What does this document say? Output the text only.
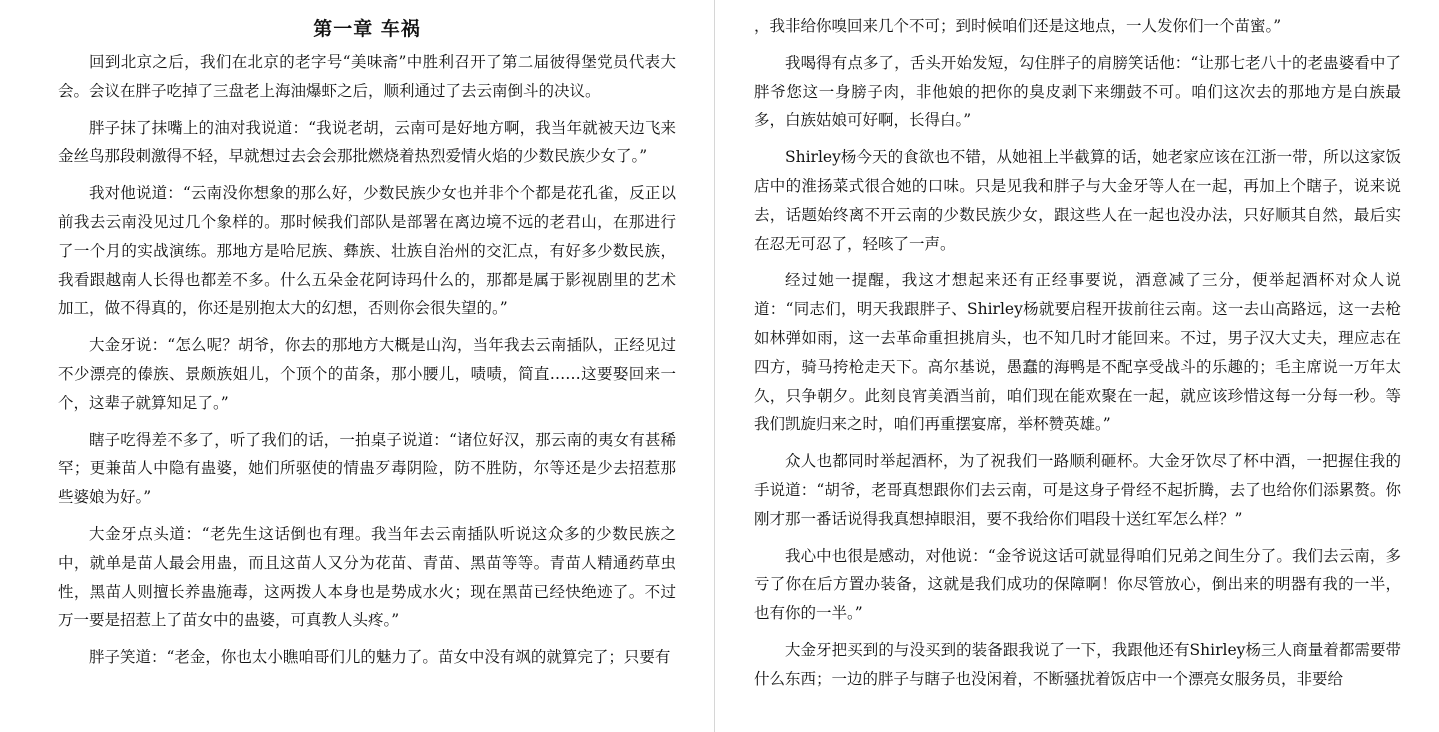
第一章 车祸

回到北京之后，我们在北京的老字号“美味斋”中胜利召开了第二届彼得堡党员代表大会。会议在胖子吃掉了三盘老上海油爆虾之后，顺利通过了去云南倒斗的决议。

胖子抹了抹嘴上的油对我说道：“我说老胡，云南可是好地方啊，我当年就被天边飞来金丝鸟那段刺激得不轻，早就想过去会会那批燃烧着热烈爱情火焰的少数民族少女了。”

我对他说道：“云南没你想象的那么好，少数民族少女也并非个个都是花孔雀，反正以前我去云南没见过几个象样的。那时候我们部队是部署在离边境不远的老君山，在那进行了一个月的实战演练。那地方是哈尼族、彝族、壮族自治州的交汇点，有好多少数民族，我看跟越南人长得也都差不多。什么五朵金花阿诗玛什么的，那都是属于影视剧里的艺术加工，做不得真的，你还是别抱太大的幻想，否则你会很失望的。”

大金牙说：“怎么呢？胡爷，你去的那地方大概是山沟，当年我去云南插队，正经见过不少漂亮的傣族、景颇族姐儿，个顶个的苗条，那小腰儿，啧啧，简直……这要娶回来一个，这辈子就算知足了。”

瞎子吃得差不多了，听了我们的话，一拍桌子说道：“诸位好汉，那云南的夷女有甚稀罕；更兼苗人中隐有蛊婆，她们所驱使的情蛊歹毒阴险，防不胜防，尔等还是少去招惹那些婆娘为好。”

大金牙点头道：“老先生这话倒也有理。我当年去云南插队听说这众多的少数民族之中，就单是苗人最会用蛊，而且这苗人又分为花苗、青苗、黑苗等等。青苗人精通药草虫性，黑苗人则擅长养蛊施毒，这两拨人本身也是势成水火；现在黑苗已经快绝迹了。不过万一要是招惹上了苗女中的蛊婆，可真教人头疼。”

胖子笑道：“老金，你也太小瞧咱哥们儿的魅力了。苗女中没有飒的就算完了；只要有

，我非给你嗅回来几个不可；到时候咱们还是这地点，一人发你们一个苗蜜。”

我喝得有点多了，舌头开始发短，勾住胖子的肩膀笑话他：“让那七老八十的老蛊婆看中了胖爷您这一身膀子肉，非他娘的把你的臭皮剥下来绷鼓不可。咱们这次去的那地方是白族最多，白族姑娘可好啊，长得白。”

Shirley杨今天的食欲也不错，从她祖上半截算的话，她老家应该在江浙一带，所以这家饭店中的淮扬菜式很合她的口味。只是见我和胖子与大金牙等人在一起，再加上个瞎子，说来说去，话题始终离不开云南的少数民族少女，跟这些人在一起也没办法，只好顺其自然，最后实在忍无可忍了，轻咳了一声。

经过她一提醒，我这才想起来还有正经事要说，酒意减了三分，便举起酒杯对众人说道：“同志们，明天我跟胖子、Shirley杨就要启程开拔前往云南。这一去山高路远，这一去枪如林弹如雨，这一去革命重担挑肩头，也不知几时才能回来。不过，男子汉大丈夫，理应志在四方，骑马挎枪走天下。高尔基说，愚蠢的海鸭是不配享受战斗的乐趣的；毛主席说一万年太久，只争朝夕。此刻良宵美酒当前，咱们现在能欢聚在一起，就应该珍惜这每一分每一秒。等我们凯旋归来之时，咱们再重摆宴席，举杯赞英雄。”

众人也都同时举起酒杯，为了祝我们一路顺利砸杯。大金牙饮尽了杯中酒，一把握住我的手说道：“胡爷，老哥真想跟你们去云南，可是这身子骨经不起折腾，去了也给你们添累赘。你刚才那一番话说得我真想掉眼泪，要不我给你们唱段十送红军怎么样？”

我心中也很是感动，对他说：“金爷说这话可就显得咱们兄弟之间生分了。我们去云南，多亏了你在后方置办装备，这就是我们成功的保障啊！你尽管放心，倒出来的明器有我的一半，也有你的一半。”

大金牙把买到的与没买到的装备跟我说了一下，我跟他还有Shirley杨三人商量着都需要带什么东西；一边的胖子与瞎子也没闲着，不断骚扰着饭店中一个漂亮女服务员，非要给
